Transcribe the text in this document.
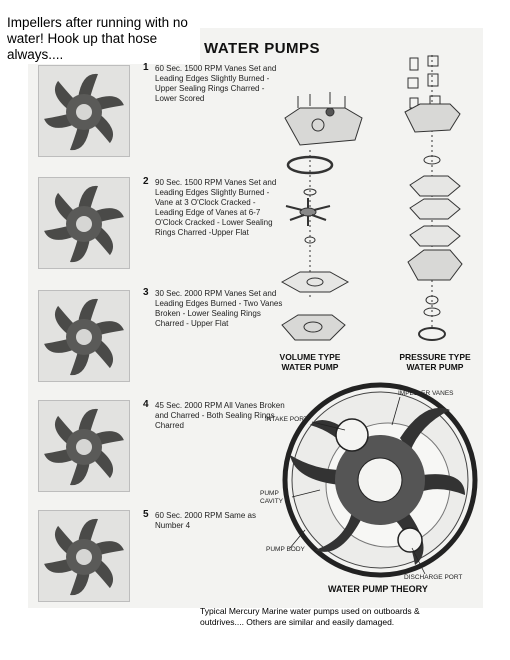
Impellers after running with no water! Hook up that hose always....	WATER PUMPS
1 60 Sec. 1500 RPM Vanes Set and Leading Edges Slightly Burned -Upper Sealing Rings Charred - Lower Scored
2 90 Sec. 1500 RPM Vanes Set and Leading Edges Slightly Burned - Vane at 3 O'Clock Cracked - Leading Edge of Vanes at 6-7 O'Clock Cracked - Lower Sealing Rings Charred -Upper Flat
3 30 Sec. 2000 RPM Vanes Set and Leading Edges Burned - Two Vanes Broken - Lower Sealing Rings Charred - Upper Flat
4 45 Sec. 2000 RPM All Vanes Broken and Charred - Both Sealing Rings Charred
5 60 Sec. 2000 RPM Same as Number 4
VOLUME TYPE WATER PUMP
PRESSURE TYPE WATER PUMP
IMPELLER VANES
INTAKE PORT
PUMP CAVITY
PUMP BODY
DISCHARGE PORT
WATER PUMP THEORY
Typical Mercury Marine water pumps used on outboards & outdrives.... Others are similar and easily damaged.
